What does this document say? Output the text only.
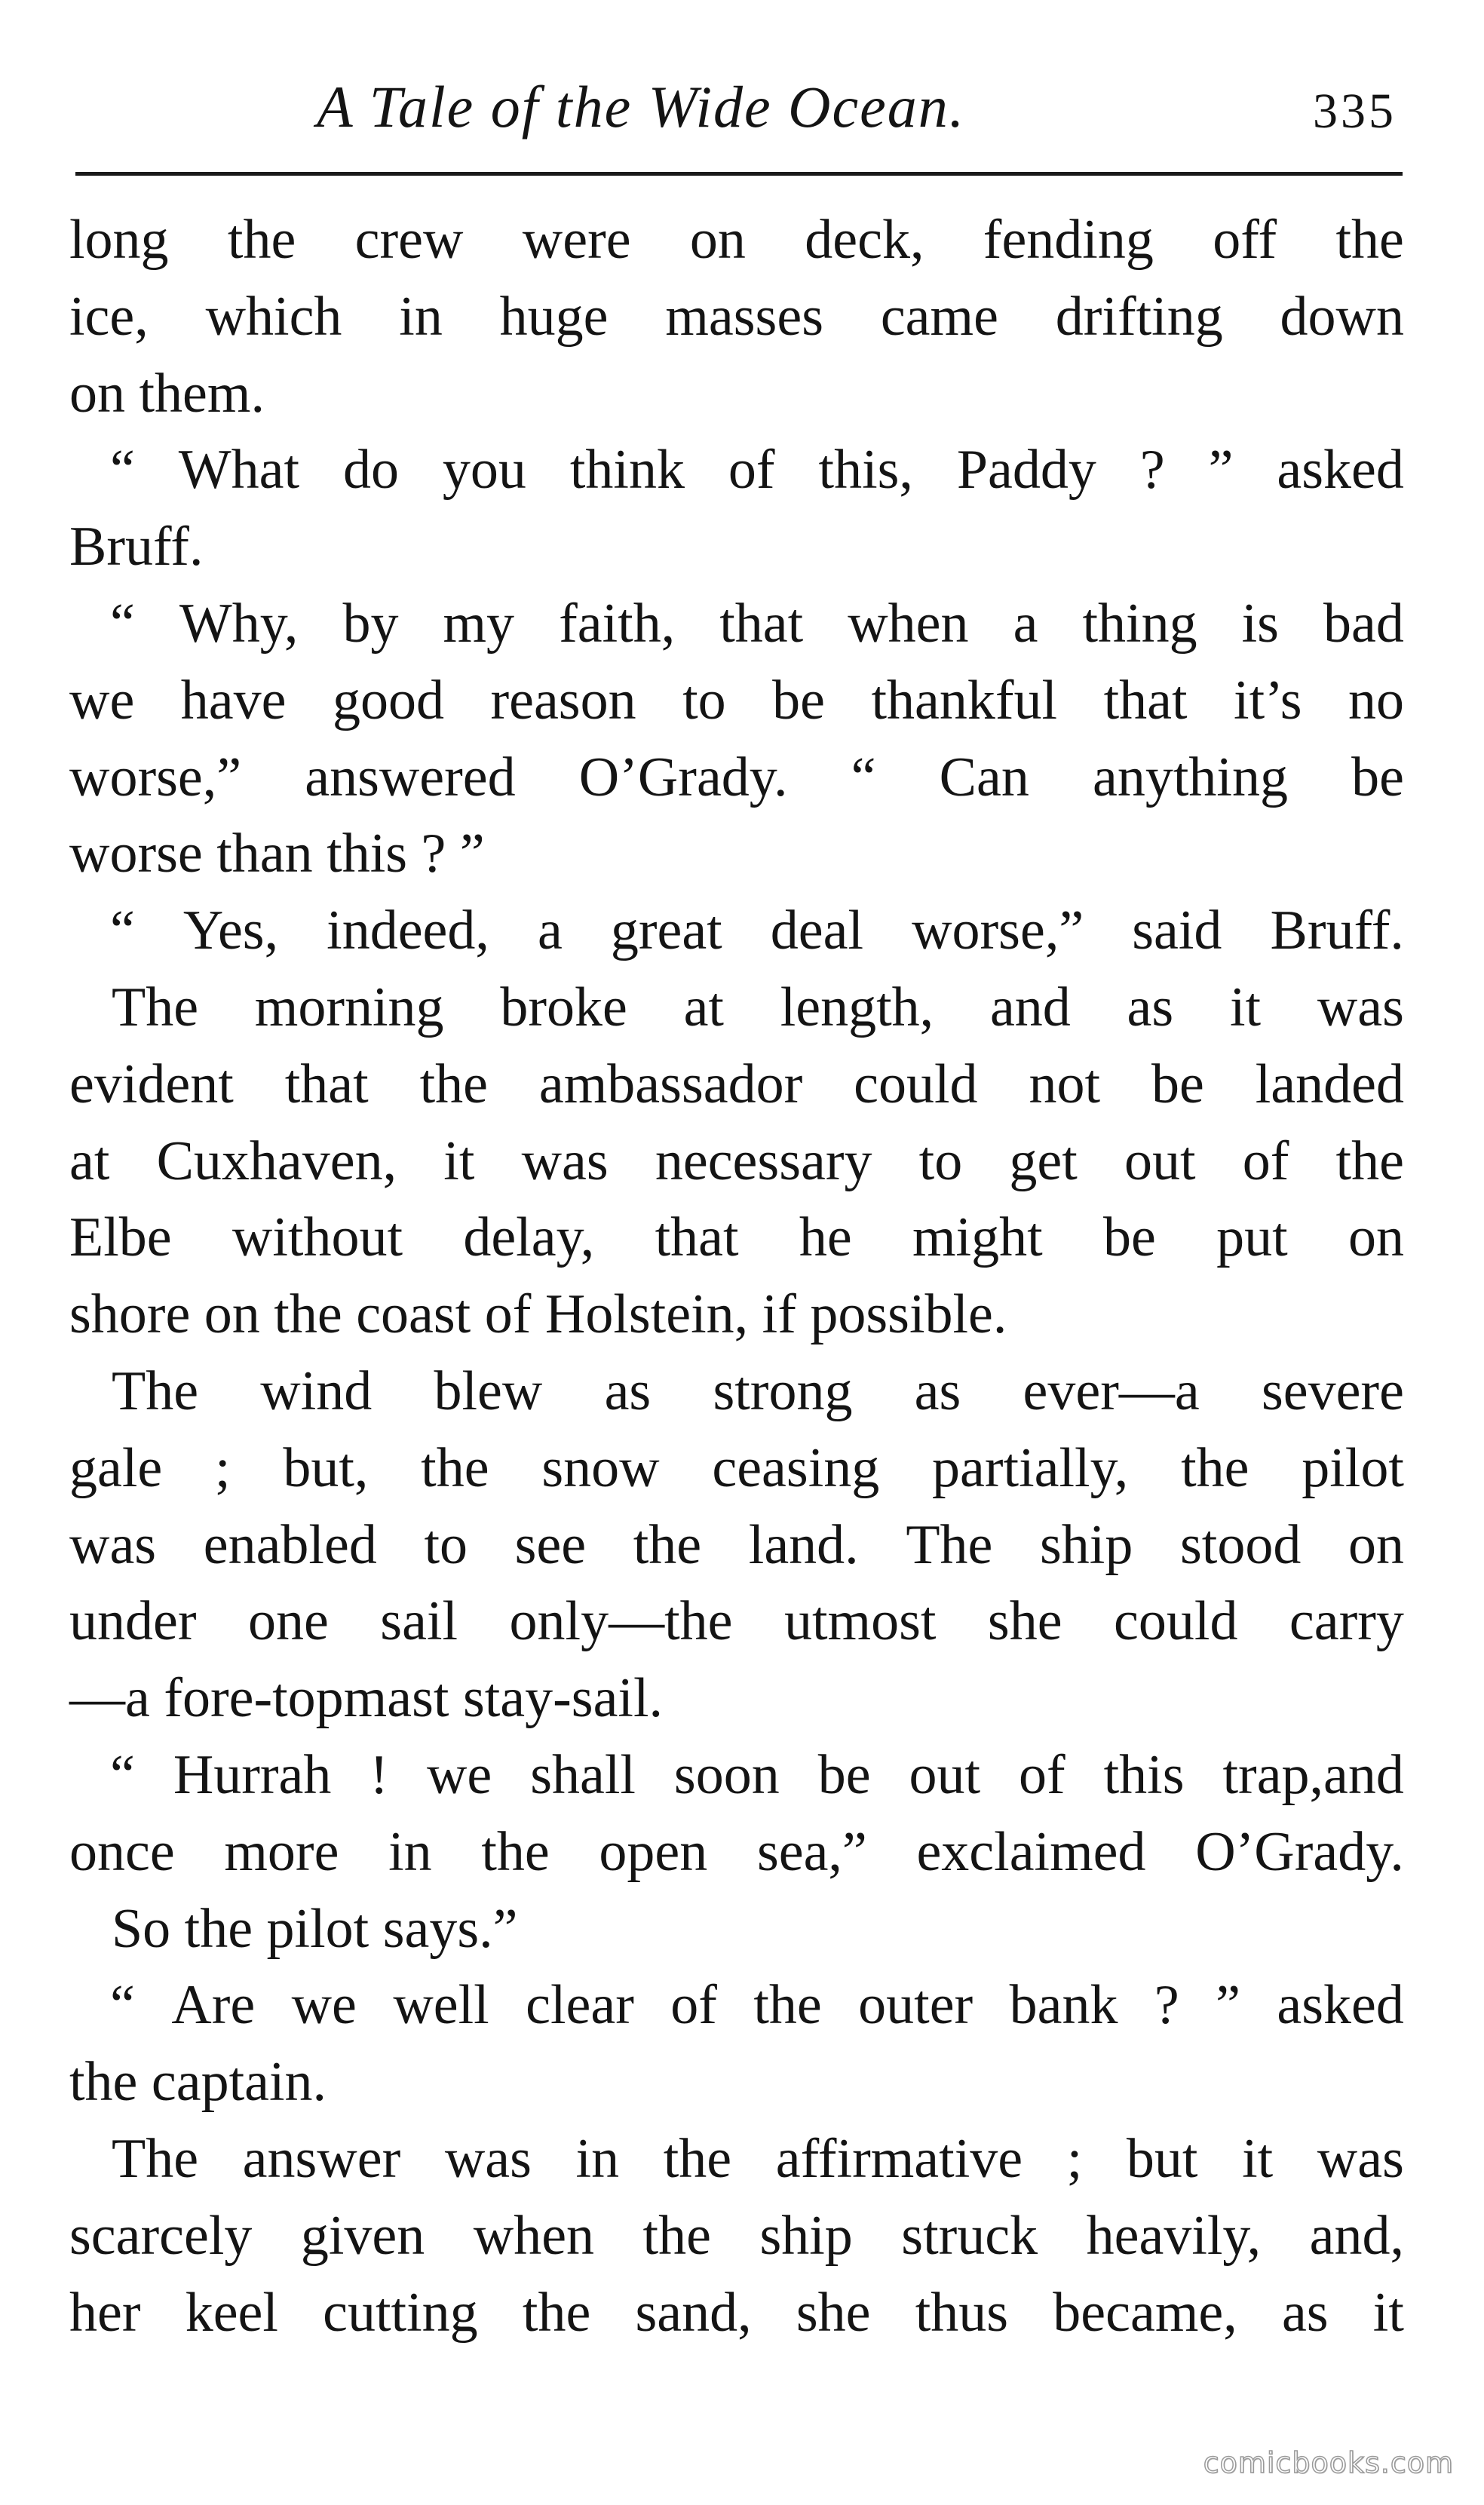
A Tale of the Wide Ocean.	335
long the crew were on deck, fending off the
ice, which in huge masses came drifting down
on them.
“ What do you think of this, Paddy ? ” asked
Bruff.
“ Why, by my faith, that when a thing is bad
we have good reason to be thankful that it’s no
worse,” answered O’Grady. “ Can anything be
worse than this ? ”
“ Yes, indeed, a great deal worse,” said Bruff.
The morning broke at length, and as it was
evident that the ambassador could not be landed
at Cuxhaven, it was necessary to get out of the
Elbe without delay, that he might be put on
shore on the coast of Holstein, if possible.
The wind blew as strong as ever—a severe
gale ; but, the snow ceasing partially, the pilot
was enabled to see the land. The ship stood on
under one sail only—the utmost she could carry
—a fore-topmast stay-sail.
“ Hurrah ! we shall soon be out of this trap,and
once more in the open sea,” exclaimed O’Grady.
So the pilot says.”
“ Are we well clear of the outer bank ? ” asked
the captain.
The answer was in the affirmative ; but it was
scarcely given when the ship struck heavily, and,
her keel cutting the sand, she thus became, as it
comicbooks.com
